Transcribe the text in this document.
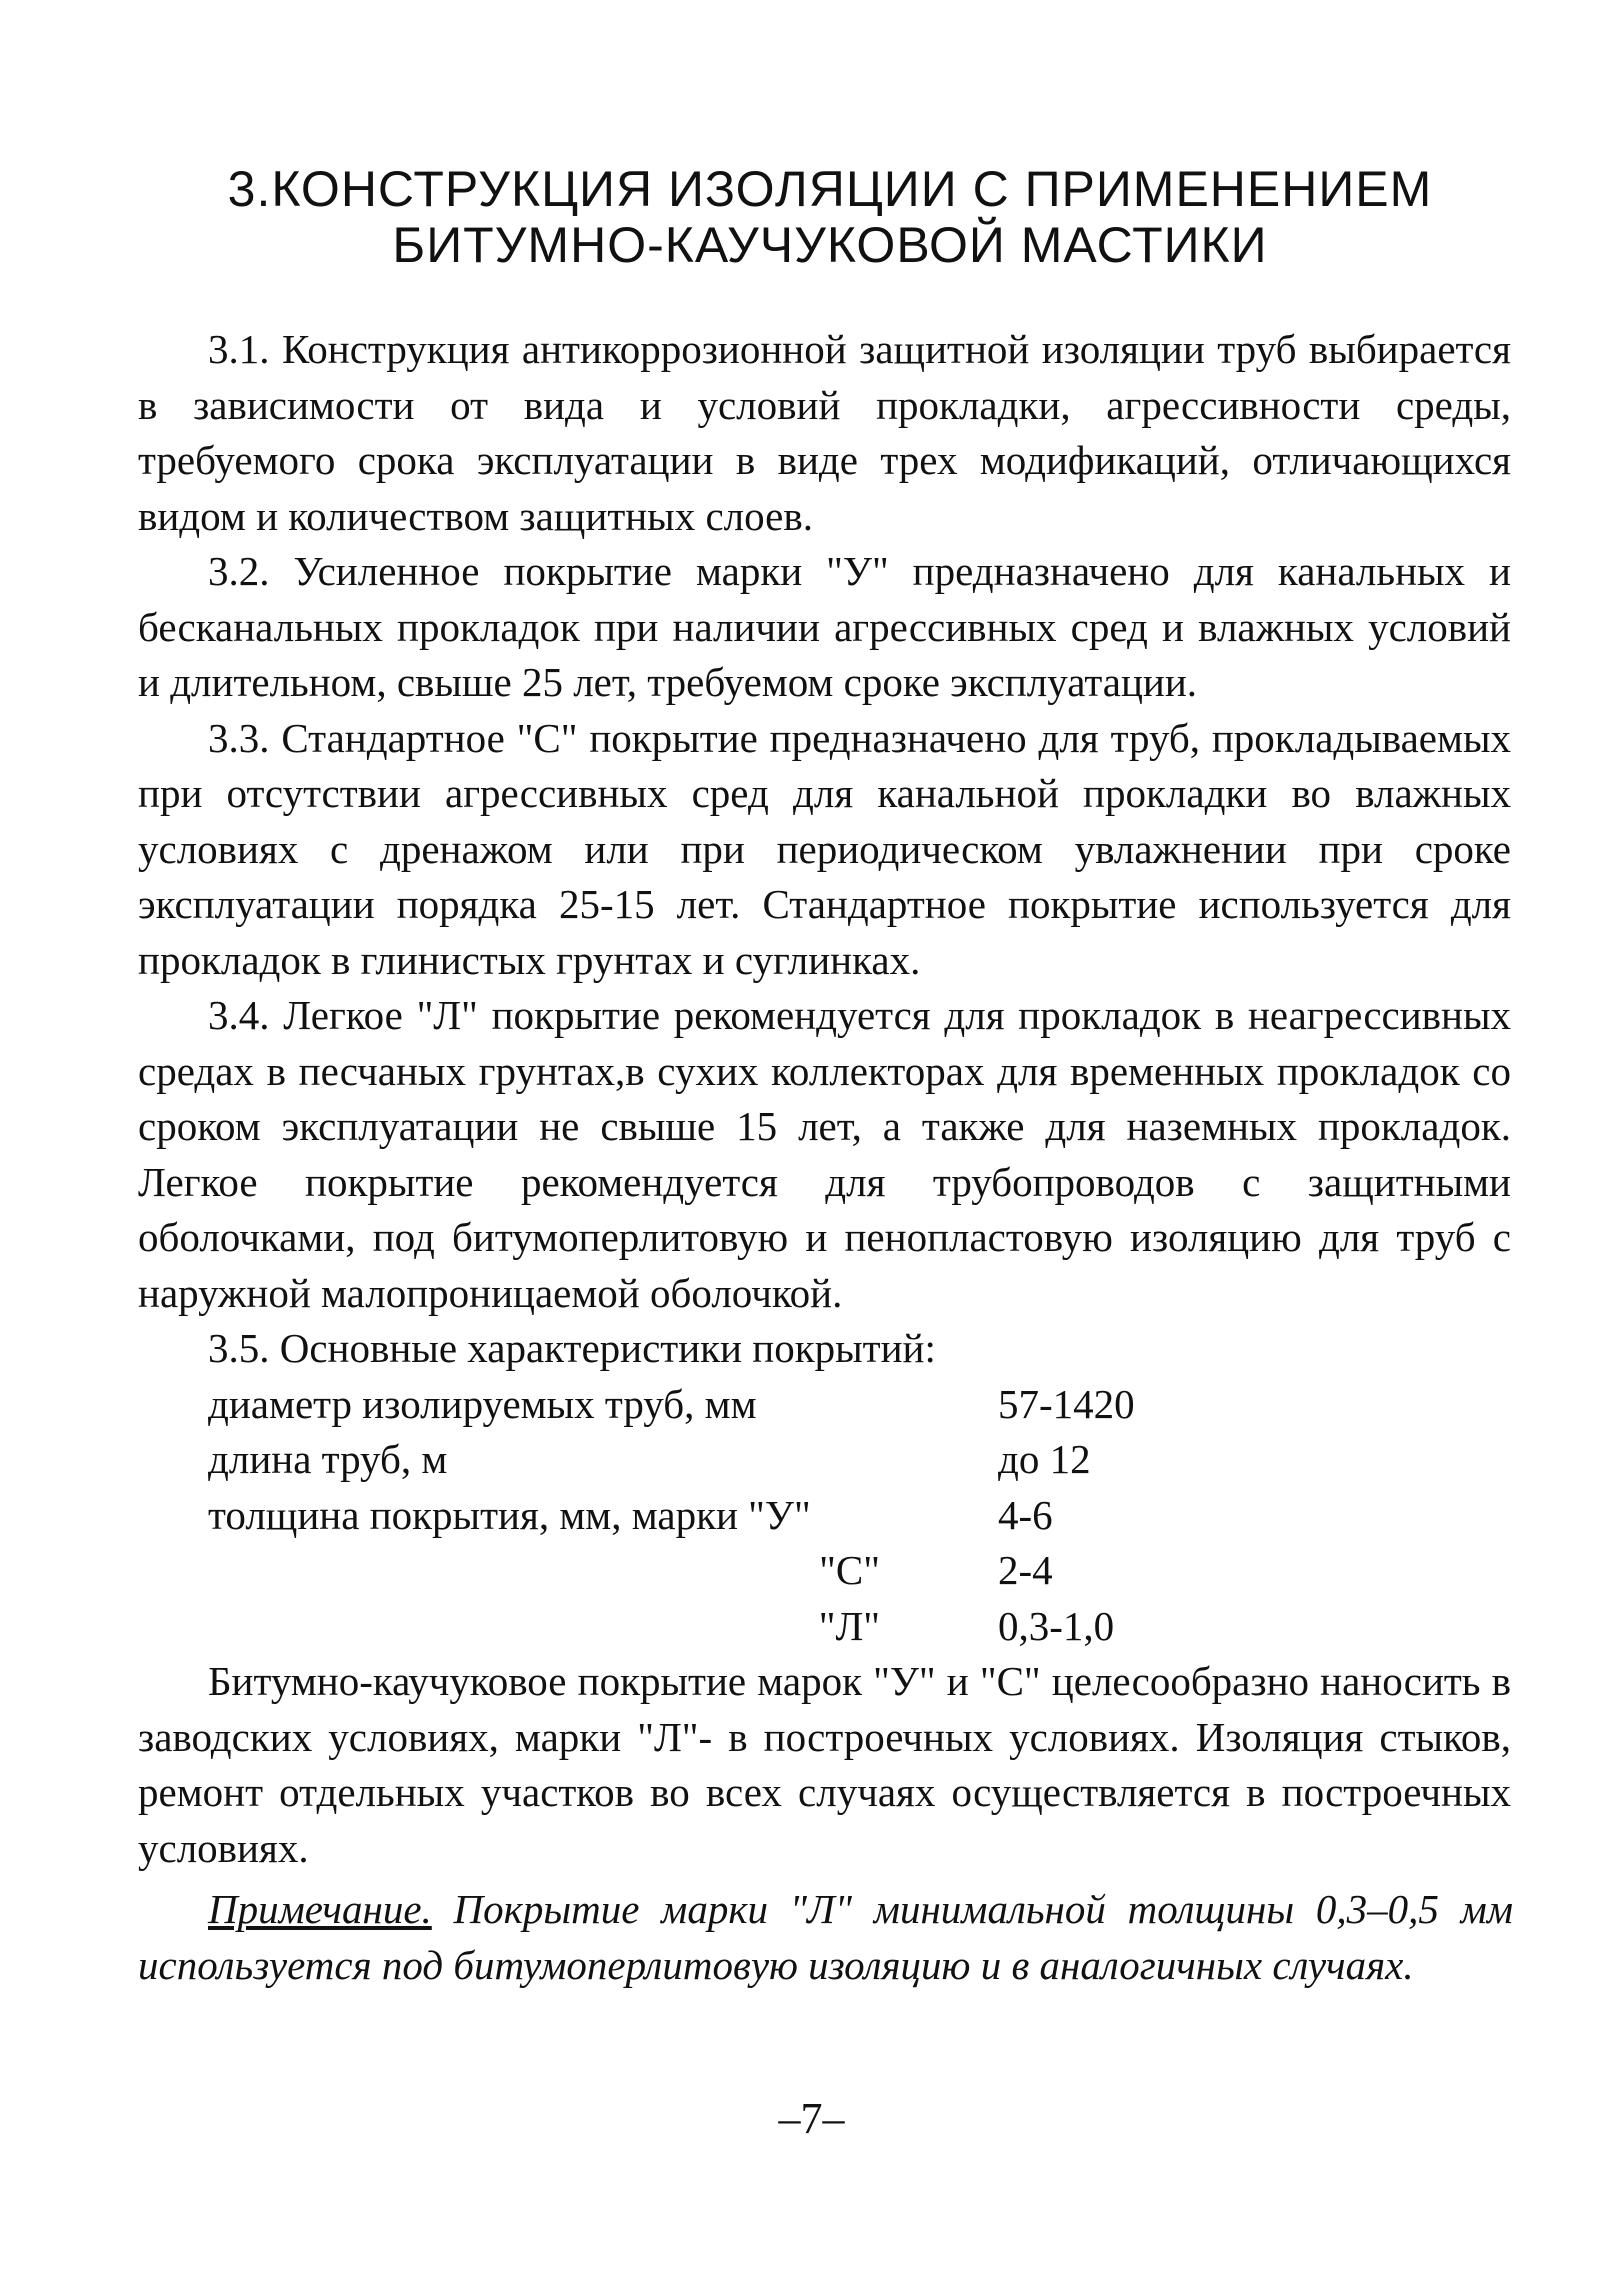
3.КОНСТРУКЦИЯ ИЗОЛЯЦИИ С ПРИМЕНЕНИЕМ
БИТУМНО-КАУЧУКОВОЙ МАСТИКИ

3.1. Конструкция антикоррозионной защитной изоляции труб выбирается в зависимости от вида и условий прокладки, агрессивности среды, требуемого срока эксплуатации в виде трех модификаций, отличающихся видом и количеством защитных слоев.

3.2. Усиленное покрытие марки "У" предназначено для канальных и бесканальных прокладок при наличии агрессивных сред и влажных условий и длительном, свыше 25 лет, требуемом сроке эксплуатации.

3.3. Стандартное "С" покрытие предназначено для труб, прокладываемых при отсутствии агрессивных сред для канальной прокладки во влажных условиях с дренажом или при периодическом увлажнении при сроке эксплуатации порядка 25-15 лет. Стандартное покрытие используется для прокладок в глинистых грунтах и суглинках.

3.4. Легкое "Л" покрытие рекомендуется для прокладок в неагрессивных средах в песчаных грунтах,в сухих коллекторах для временных прокладок со сроком эксплуатации не свыше 15 лет, а также для наземных прокладок. Легкое покрытие рекомендуется для трубопроводов с защитными оболочками, под битумоперлитовую и пенопластовую изоляцию для труб с наружной малопроницаемой оболочкой.

3.5. Основные характеристики покрытий:
диаметр изолируемых труб, мм	57-1420
длина труб, м	до 12
толщина покрытия, мм, марки "У"	4-6
"С"	2-4
"Л"	0,3-1,0

Битумно-каучуковое покрытие марок "У" и "С" целесообразно наносить в заводских условиях, марки "Л"- в построечных условиях. Изоляция стыков, ремонт отдельных участков во всех случаях осуществляется в построечных условиях.

Примечание. Покрытие марки "Л" минимальной толщины 0,3–0,5 мм используется под битумоперлитовую изоляцию и в аналогичных случаях.

–7–
